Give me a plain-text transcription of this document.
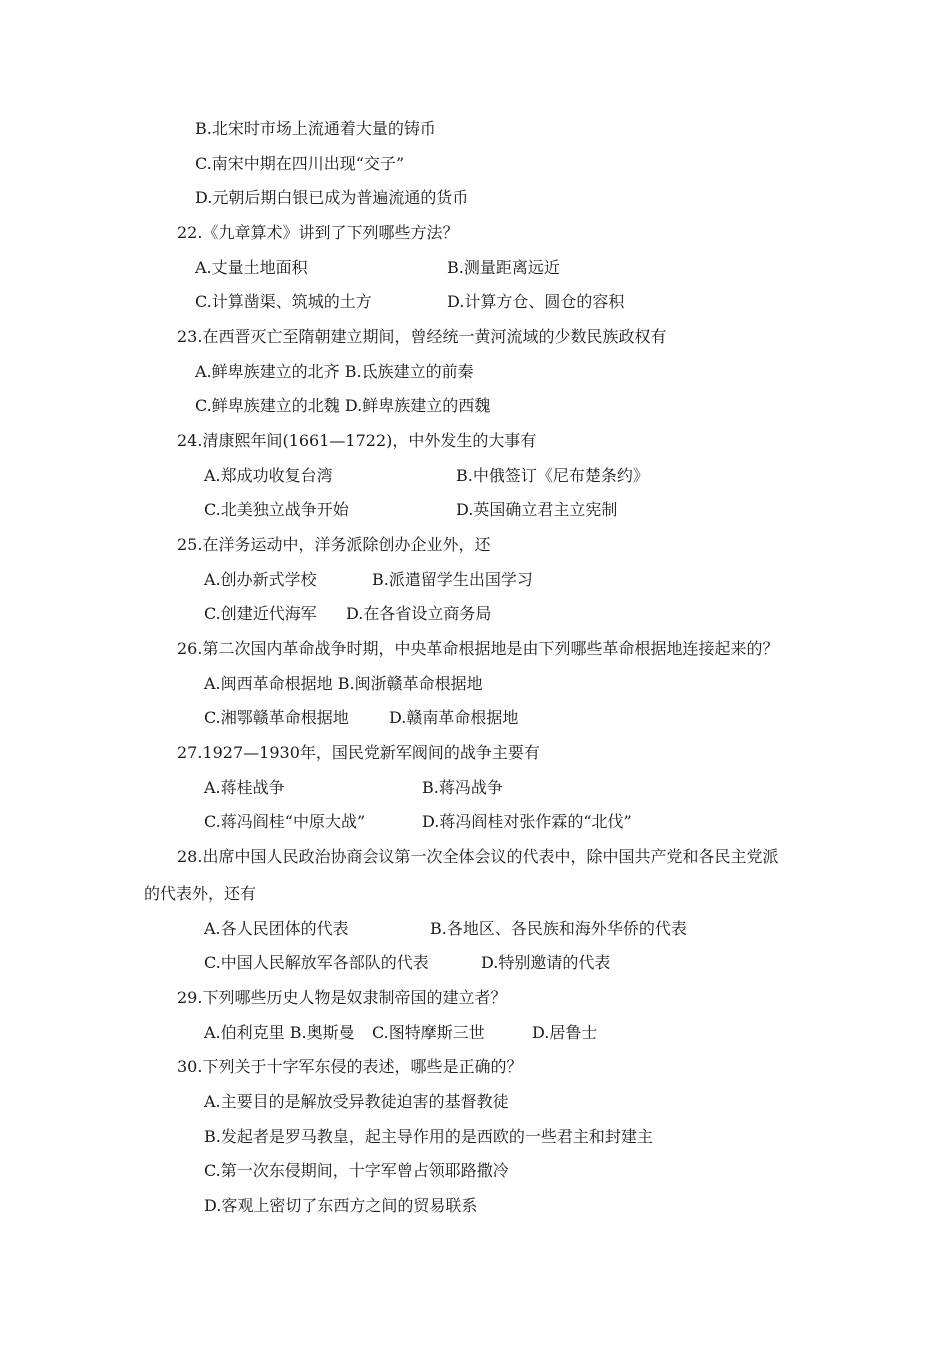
B.北宋时市场上流通着大量的铸币
C.南宋中期在四川出现“交子”
D.元朝后期白银已成为普遍流通的货币
22.《九章算术》讲到了下列哪些方法？
A.丈量土地面积	B.测量距离远近
C.计算凿渠、筑城的土方	D.计算方仓、圆仓的容积
23.在西晋灭亡至隋朝建立期间，曾经统一黄河流域的少数民族政权有
A.鲜卑族建立的北齐 B.氐族建立的前秦
C.鲜卑族建立的北魏 D.鲜卑族建立的西魏
24.清康熙年间(1661—1722)，中外发生的大事有
A.郑成功收复台湾	B.中俄签订《尼布楚条约》
C.北美独立战争开始	D.英国确立君主立宪制
25.在洋务运动中，洋务派除创办企业外，还
A.创办新式学校	B.派遣留学生出国学习
C.创建近代海军 D.在各省设立商务局
26.第二次国内革命战争时期，中央革命根据地是由下列哪些革命根据地连接起来的？
A.闽西革命根据地 B.闽浙赣革命根据地
C.湘鄂赣革命根据地	D.赣南革命根据地
27.1927—1930年，国民党新军阀间的战争主要有
A.蒋桂战争	B.蒋冯战争
C.蒋冯阎桂“中原大战”	D.蒋冯阎桂对张作霖的“北伐”
28.出席中国人民政治协商会议第一次全体会议的代表中，除中国共产党和各民主党派
的代表外，还有
A.各人民团体的代表	B.各地区、各民族和海外华侨的代表
C.中国人民解放军各部队的代表	D.特别邀请的代表
29.下列哪些历史人物是奴隶制帝国的建立者？
A.伯利克里 B.奥斯曼 C.图特摩斯三世	D.居鲁士
30.下列关于十字军东侵的表述，哪些是正确的？
A.主要目的是解放受异教徒迫害的基督教徒
B.发起者是罗马教皇，起主导作用的是西欧的一些君主和封建主
C.第一次东侵期间，十字军曾占领耶路撒冷
D.客观上密切了东西方之间的贸易联系
